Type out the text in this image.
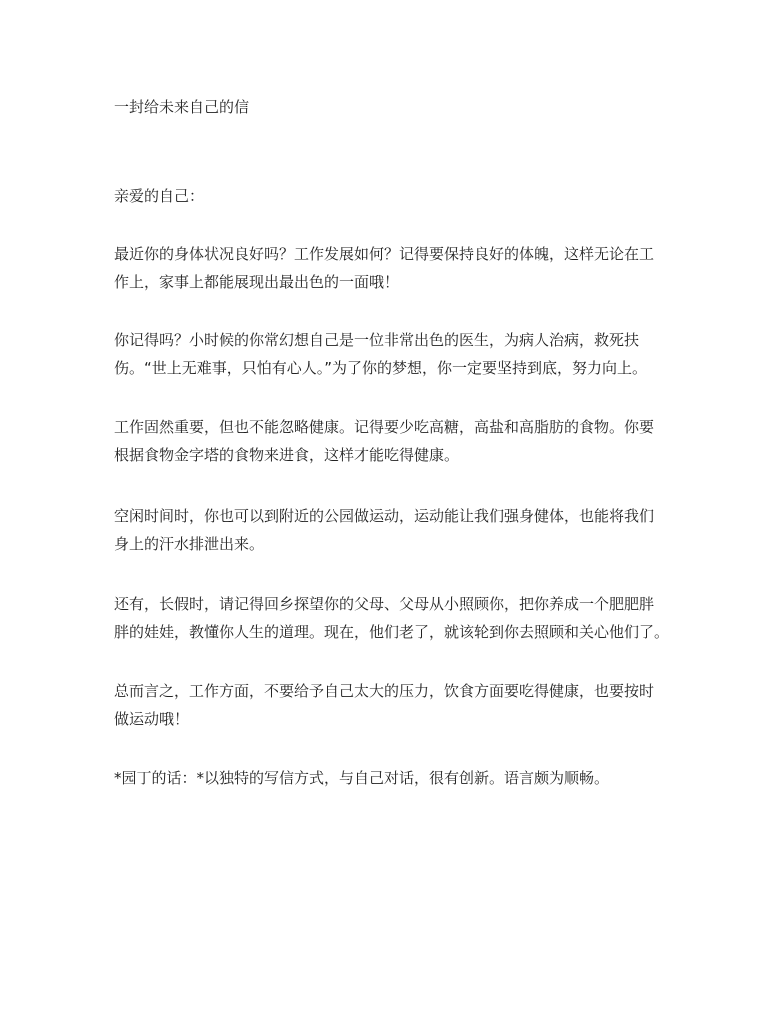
一封给未来自己的信
亲爱的自己：
最近你的身体状况良好吗？工作发展如何？记得要保持良好的体魄，这样无论在工
作上，家事上都能展现出最出色的一面哦！
你记得吗？小时候的你常幻想自己是一位非常出色的医生，为病人治病，救死扶
伤。“世上无难事，只怕有心人。”为了你的梦想，你一定要坚持到底，努力向上。
工作固然重要，但也不能忽略健康。记得要少吃高糖，高盐和高脂肪的食物。你要
根据食物金字塔的食物来进食，这样才能吃得健康。
空闲时间时，你也可以到附近的公园做运动，运动能让我们强身健体，也能将我们
身上的汗水排泄出来。
还有，长假时，请记得回乡探望你的父母、父母从小照顾你，把你养成一个肥肥胖
胖的娃娃，教懂你人生的道理。现在，他们老了，就该轮到你去照顾和关心他们了。
总而言之，工作方面，不要给予自己太大的压力，饮食方面要吃得健康，也要按时
做运动哦！
*园丁的话：*以独特的写信方式，与自己对话，很有创新。语言颇为顺畅。
